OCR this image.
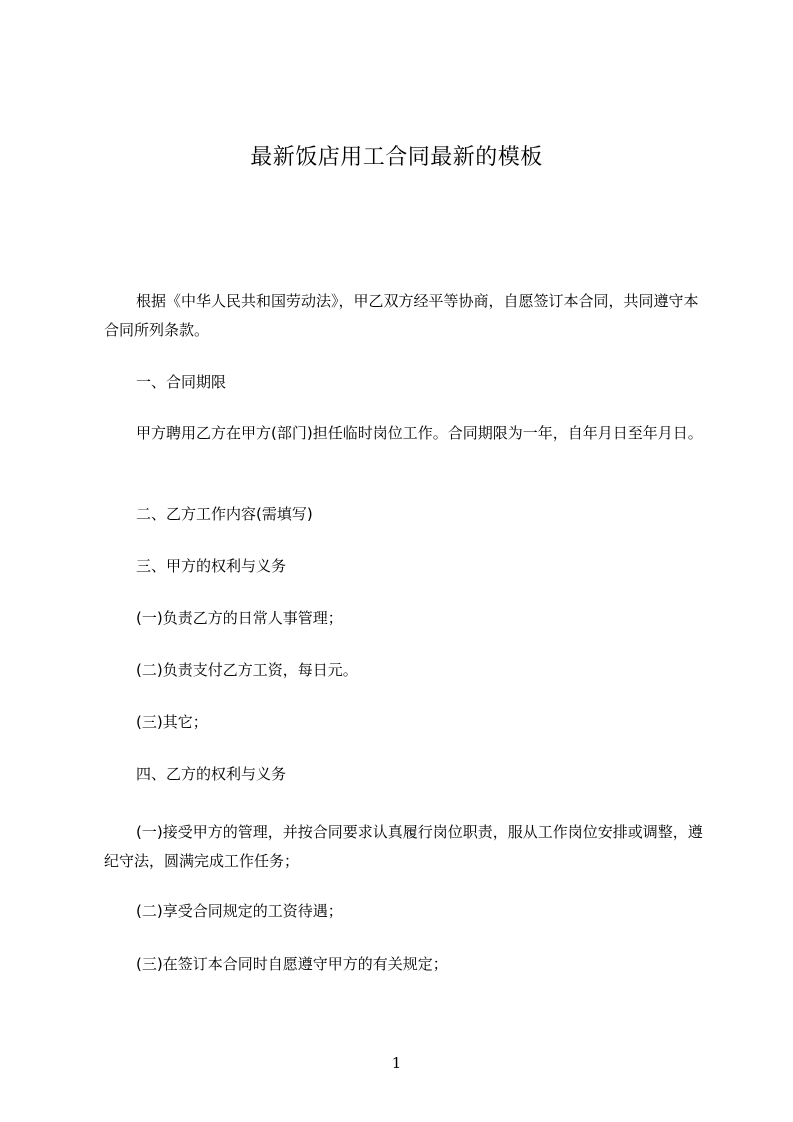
最新饭店用工合同最新的模板

根据《中华人民共和国劳动法》，甲乙双方经平等协商，自愿签订本合同，共同遵守本合同所列条款。

一、合同期限

甲方聘用乙方在甲方(部门)担任临时岗位工作。合同期限为一年，自年月日至年月日。

二、乙方工作内容(需填写)

三、甲方的权利与义务

(一)负责乙方的日常人事管理；

(二)负责支付乙方工资，每日元。

(三)其它；

四、乙方的权利与义务

(一)接受甲方的管理，并按合同要求认真履行岗位职责，服从工作岗位安排或调整，遵纪守法，圆满完成工作任务；

(二)享受合同规定的工资待遇；

(三)在签订本合同时自愿遵守甲方的有关规定；

1
